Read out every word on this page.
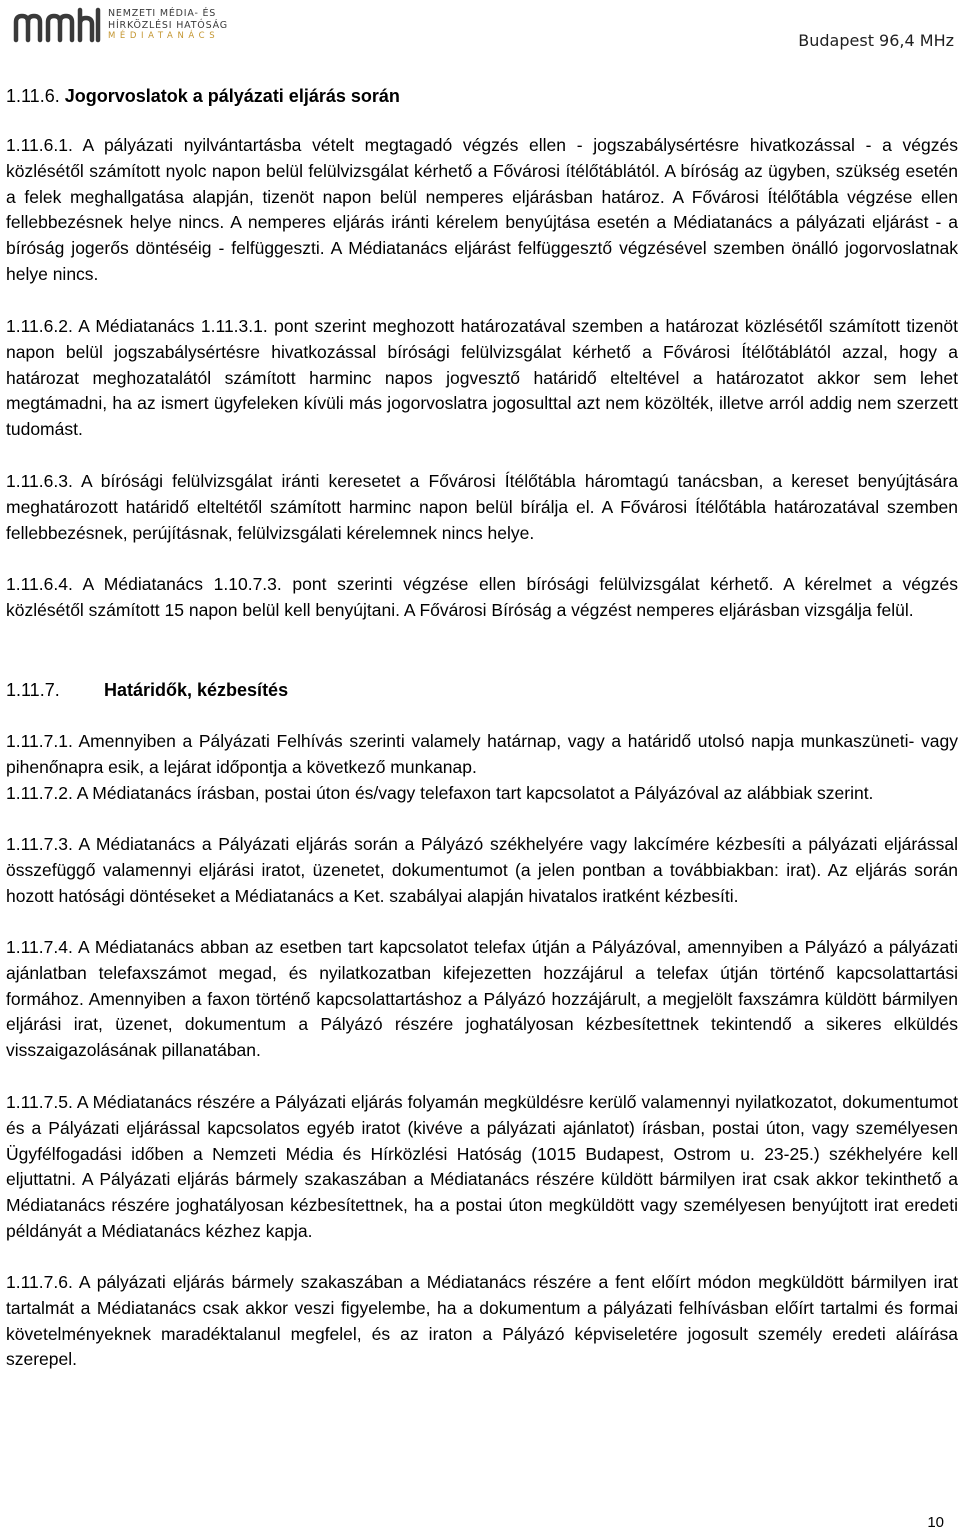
NEMZETI MÉDIA- ÉS
HÍRKÖZLÉSI HATÓSÁG
MÉDIATANÁCS	Budapest 96,4 MHz
1.11.6. Jogorvoslatok a pályázati eljárás során

1.11.6.1. A pályázati nyilvántartásba vételt megtagadó végzés ellen - jogszabálysértésre hivatkozással - a végzés közlésétől számított nyolc napon belül felülvizsgálat kérhető a Fővárosi ítélőtáblától. A bíróság az ügyben, szükség esetén a felek meghallgatása alapján, tizenöt napon belül nemperes eljárásban határoz. A Fővárosi Ítélőtábla végzése ellen fellebbezésnek helye nincs. A nemperes eljárás iránti kérelem benyújtása esetén a Médiatanács a pályázati eljárást - a bíróság jogerős döntéséig - felfüggeszti. A Médiatanács eljárást felfüggesztő végzésével szemben önálló jogorvoslatnak helye nincs.

1.11.6.2. A Médiatanács 1.11.3.1. pont szerint meghozott határozatával szemben a határozat közlésétől számított tizenöt napon belül jogszabálysértésre hivatkozással bírósági felülvizsgálat kérhető a Fővárosi Ítélőtáblától azzal, hogy a határozat meghozatalától számított harminc napos jogvesztő határidő elteltével a határozatot akkor sem lehet megtámadni, ha az ismert ügyfeleken kívüli más jogorvoslatra jogosulttal azt nem közölték, illetve arról addig nem szerzett tudomást.

1.11.6.3. A bírósági felülvizsgálat iránti keresetet a Fővárosi Ítélőtábla háromtagú tanácsban, a kereset benyújtására meghatározott határidő elteltétől számított harminc napon belül bírálja el. A Fővárosi Ítélőtábla határozatával szemben fellebbezésnek, perújításnak, felülvizsgálati kérelemnek nincs helye.

1.11.6.4. A Médiatanács 1.10.7.3. pont szerinti végzése ellen bírósági felülvizsgálat kérhető. A kérelmet a végzés közlésétől számított 15 napon belül kell benyújtani. A Fővárosi Bíróság a végzést nemperes eljárásban vizsgálja felül.

1.11.7. Határidők, kézbesítés

1.11.7.1. Amennyiben a Pályázati Felhívás szerinti valamely határnap, vagy a határidő utolsó napja munkaszüneti- vagy pihenőnapra esik, a lejárat időpontja a következő munkanap.

1.11.7.2. A Médiatanács írásban, postai úton és/vagy telefaxon tart kapcsolatot a Pályázóval az alábbiak szerint.

1.11.7.3. A Médiatanács a Pályázati eljárás során a Pályázó székhelyére vagy lakcímére kézbesíti a pályázati eljárással összefüggő valamennyi eljárási iratot, üzenetet, dokumentumot (a jelen pontban a továbbiakban: irat). Az eljárás során hozott hatósági döntéseket a Médiatanács a Ket. szabályai alapján hivatalos iratként kézbesíti.

1.11.7.4. A Médiatanács abban az esetben tart kapcsolatot telefax útján a Pályázóval, amennyiben a Pályázó a pályázati ajánlatban telefaxszámot megad, és nyilatkozatban kifejezetten hozzájárul a telefax útján történő kapcsolattartási formához. Amennyiben a faxon történő kapcsolattartáshoz a Pályázó hozzájárult, a megjelölt faxszámra küldött bármilyen eljárási irat, üzenet, dokumentum a Pályázó részére joghatályosan kézbesítettnek tekintendő a sikeres elküldés visszaigazolásának pillanatában.

1.11.7.5. A Médiatanács részére a Pályázati eljárás folyamán megküldésre kerülő valamennyi nyilatkozatot, dokumentumot és a Pályázati eljárással kapcsolatos egyéb iratot (kivéve a pályázati ajánlatot) írásban, postai úton, vagy személyesen Ügyfélfogadási időben a Nemzeti Média és Hírközlési Hatóság (1015 Budapest, Ostrom u. 23-25.) székhelyére kell eljuttatni. A Pályázati eljárás bármely szakaszában a Médiatanács részére küldött bármilyen irat csak akkor tekinthető a Médiatanács részére joghatályosan kézbesítettnek, ha a postai úton megküldött vagy személyesen benyújtott irat eredeti példányát a Médiatanács kézhez kapja.

1.11.7.6. A pályázati eljárás bármely szakaszában a Médiatanács részére a fent előírt módon megküldött bármilyen irat tartalmát a Médiatanács csak akkor veszi figyelembe, ha a dokumentum a pályázati felhívásban előírt tartalmi és formai követelményeknek maradéktalanul megfelel, és az iraton a Pályázó képviseletére jogosult személy eredeti aláírása szerepel.

10
